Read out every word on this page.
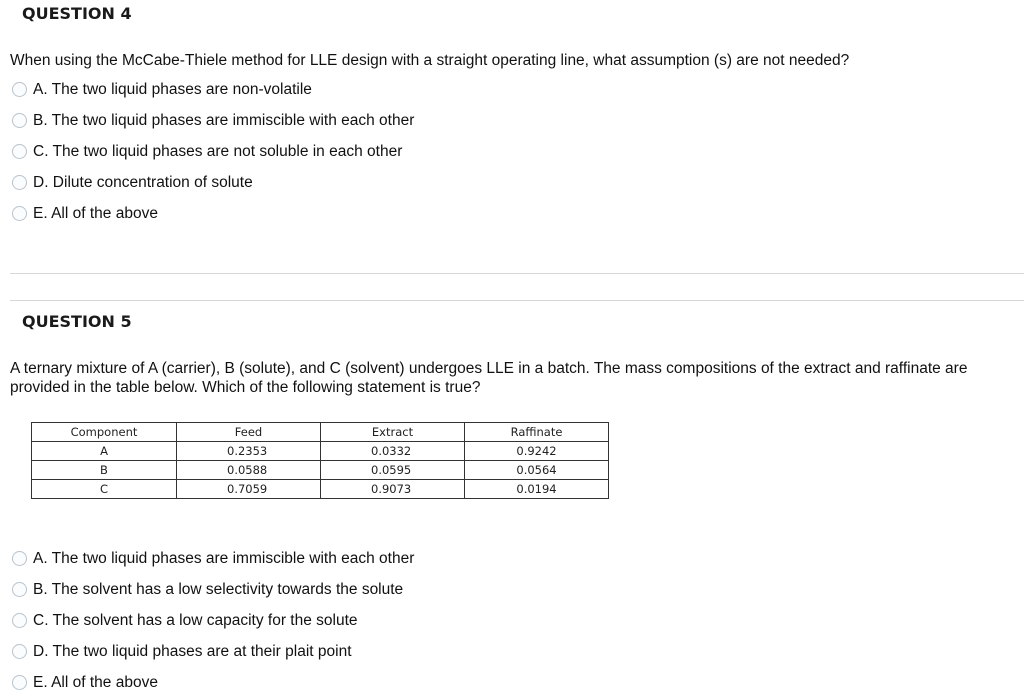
QUESTION 4
When using the McCabe-Thiele method for LLE design with a straight operating line, what assumption (s) are not needed?
A. The two liquid phases are non-volatile
B. The two liquid phases are immiscible with each other
C. The two liquid phases are not soluble in each other
D. Dilute concentration of solute
E. All of the above
QUESTION 5
A ternary mixture of A (carrier), B (solute), and C (solvent) undergoes LLE in a batch. The mass compositions of the extract and raffinate are provided in the table below. Which of the following statement is true?
Component	Feed	Extract	Raffinate
A	0.2353	0.0332	0.9242
B	0.0588	0.0595	0.0564
C	0.7059	0.9073	0.0194
A. The two liquid phases are immiscible with each other
B. The solvent has a low selectivity towards the solute
C. The solvent has a low capacity for the solute
D. The two liquid phases are at their plait point
E. All of the above
